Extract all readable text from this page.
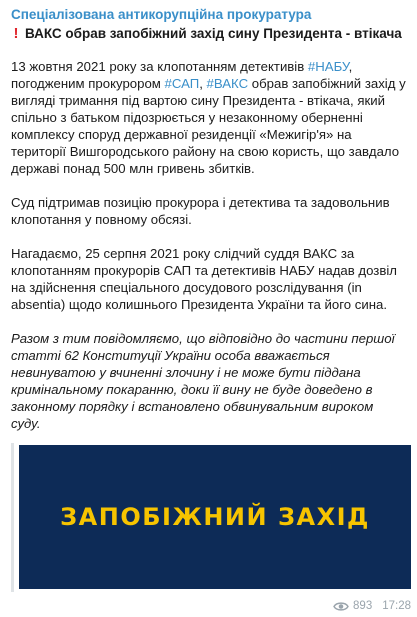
Спеціалізована антикорупційна прокуратура
! ВАКС обрав запобіжний захід сину Президента - втікача

13 жовтня 2021 року за клопотанням детективів #НАБУ, погодженим прокурором #САП, #ВАКС обрав запобіжний захід у вигляді тримання під вартою сину Президента - втікача, який спільно з батьком підозрюється у незаконному оберненні комплексу споруд державної резиденції «Межигір'я» на території Вишгородського району на свою користь, що завдало державі понад 500 млн гривень збитків.

Суд підтримав позицію прокурора і детектива та задовольнив клопотання у повному обсязі.

Нагадаємо, 25 серпня 2021 року слідчий суддя ВАКС за клопотанням прокурорів САП та детективів НАБУ надав дозвіл на здійснення спеціального досудового розслідування (in absentia) щодо колишнього Президента України та його сина.

Разом з тим повідомляємо, що відповідно до частини першої статті 62 Конституції України особа вважається невинуватою у вчиненні злочину і не може бути піддана кримінальному покаранню, доки її вину не буде доведено в законному порядку і встановлено обвинувальним вироком суду.

ЗАПОБІЖНИЙ ЗАХІД
893 17:28
